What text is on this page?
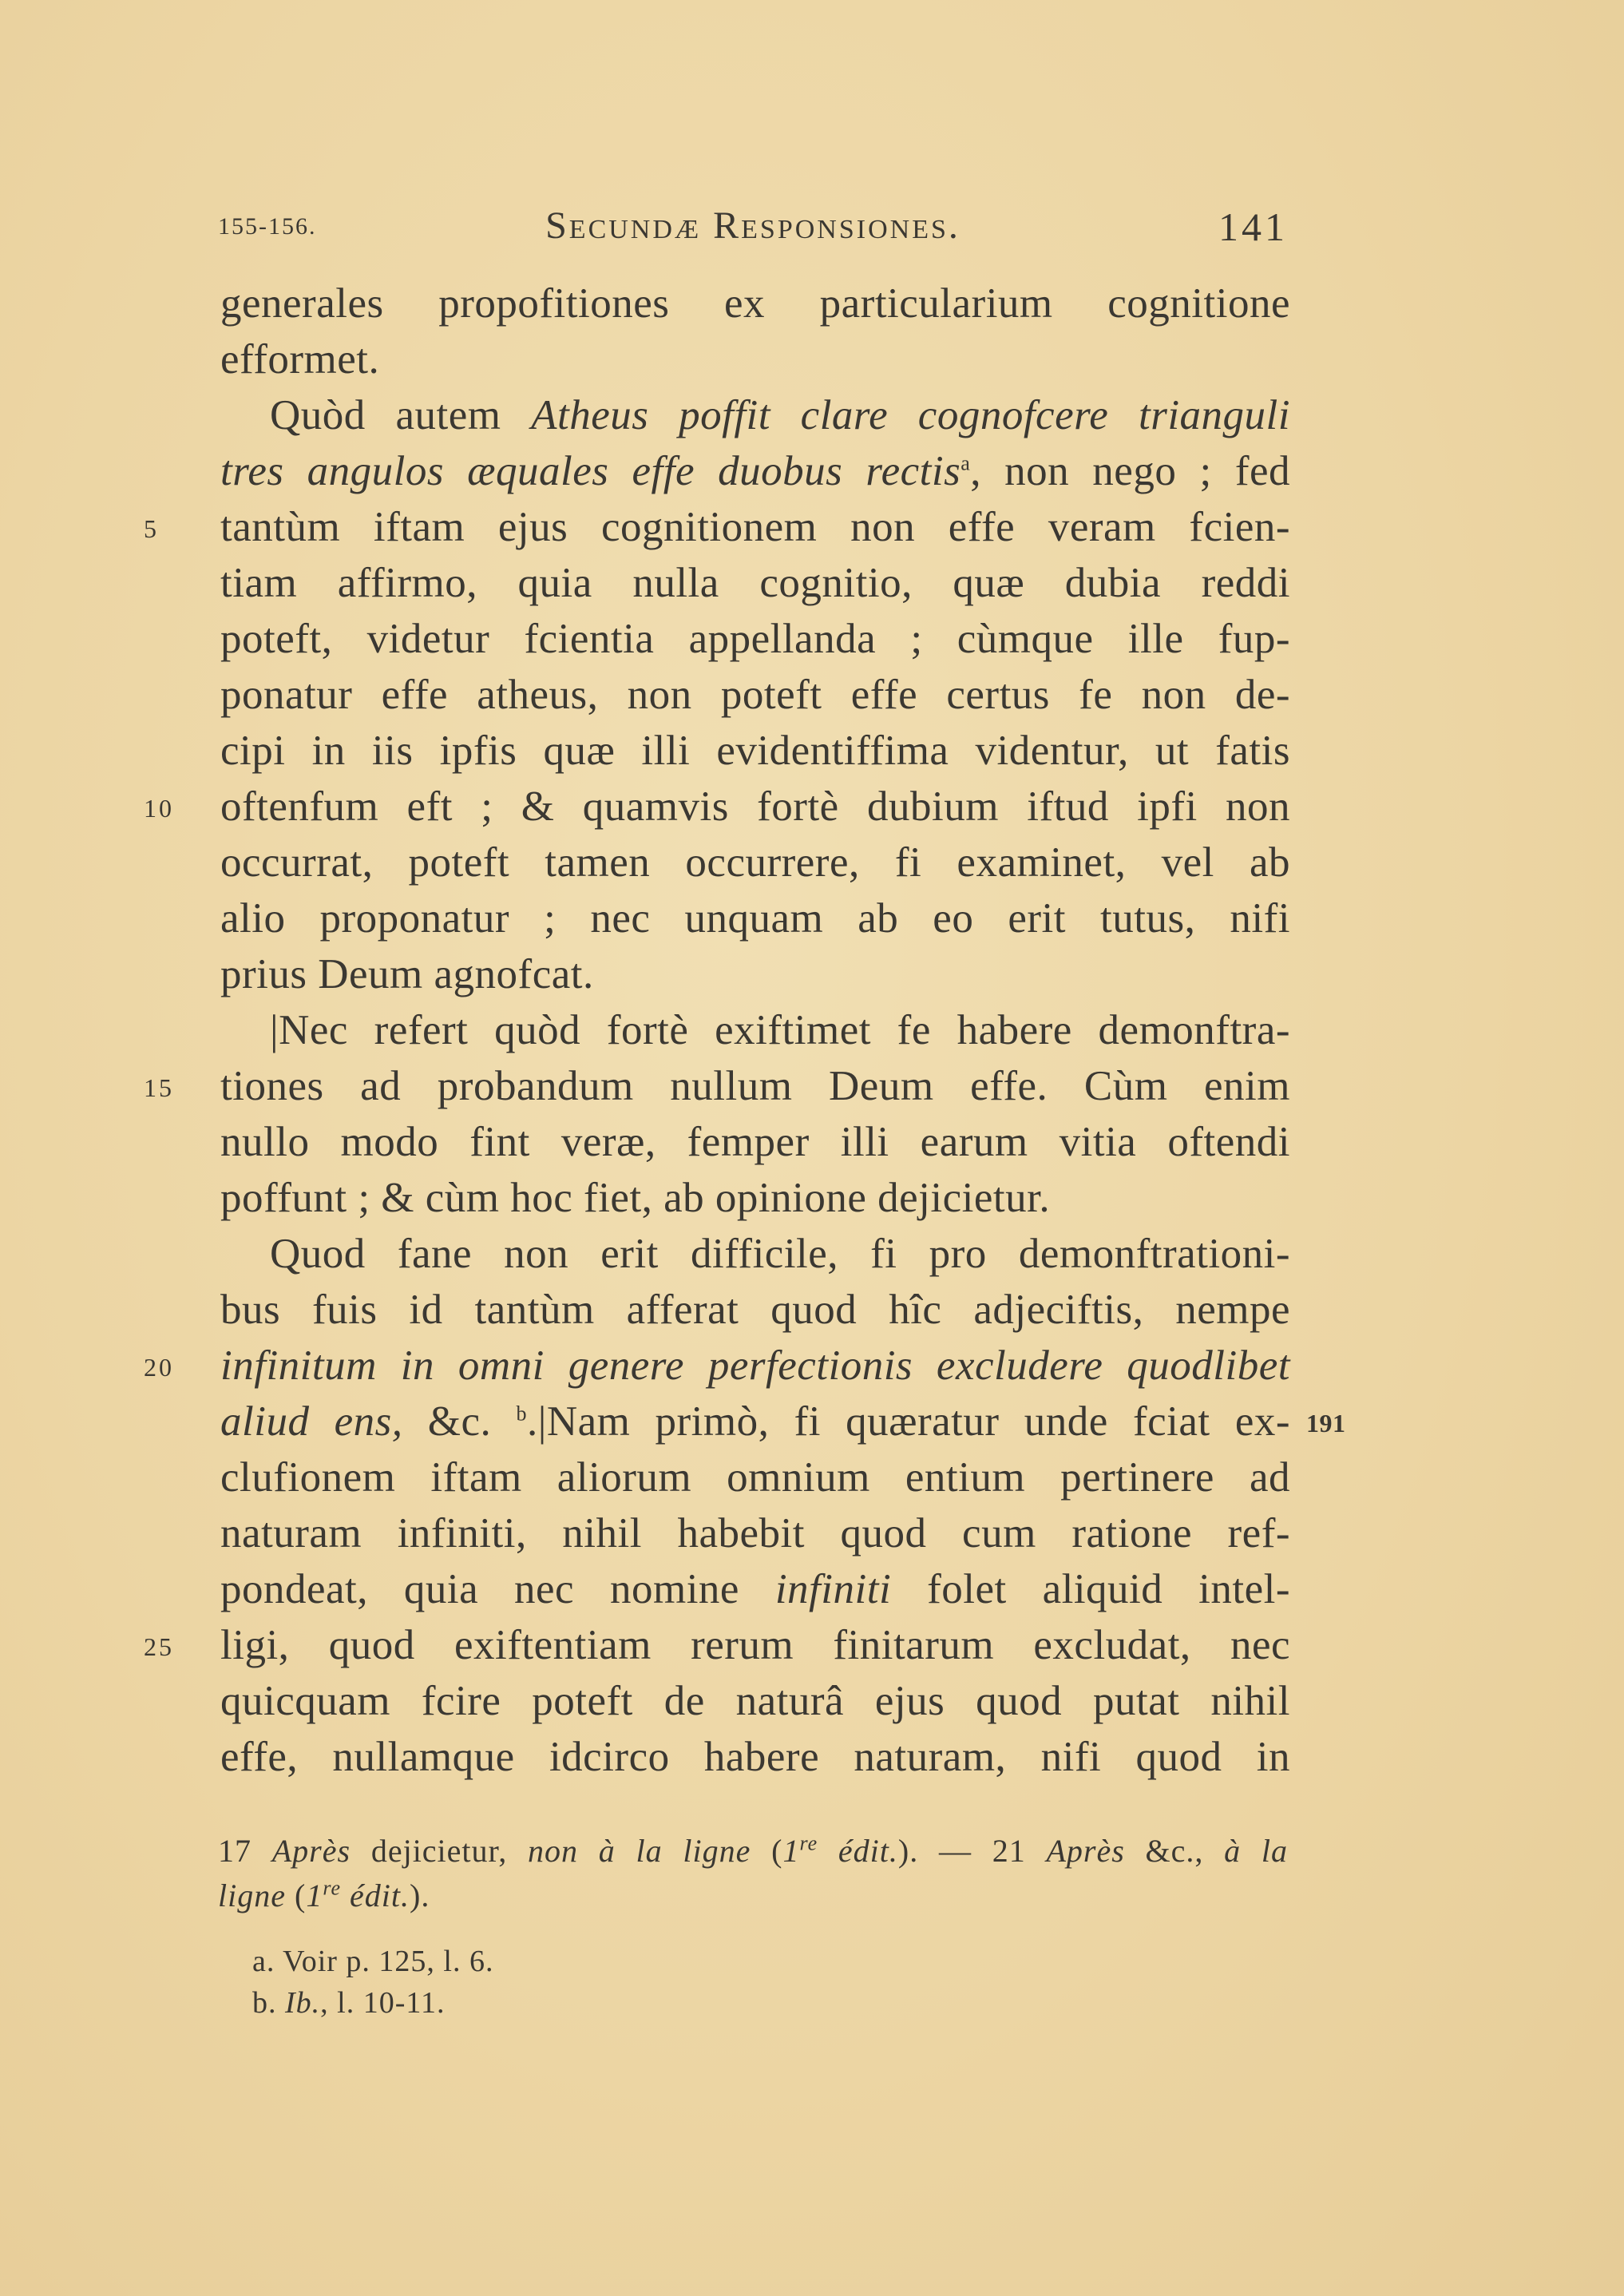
155-156.	Secundæ Responsiones.	141
generales propofitiones ex particularium cognitione
efformet.
Quòd autem Atheus poffit clare cognofcere trianguli
tres angulos æquales effe duobus rectis$^a$, non nego ; fed
5	tantùm iftam ejus cognitionem non effe veram fcien-
tiam affirmo, quia nulla cognitio, quæ dubia reddi
poteft, videtur fcientia appellanda ; cùmque ille fup-
ponatur effe atheus, non poteft effe certus fe non de-
cipi in iis ipfis quæ illi evidentiffima videntur, ut fatis
10	oftenfum eft ; & quamvis fortè dubium iftud ipfi non
occurrat, poteft tamen occurrere, fi examinet, vel ab
alio proponatur ; nec unquam ab eo erit tutus, nifi
prius Deum agnofcat.
|Nec refert quòd fortè exiftimet fe habere demonftra-
15	tiones ad probandum nullum Deum effe. Cùm enim
nullo modo fint veræ, femper illi earum vitia oftendi
poffunt ; & cùm hoc fiet, ab opinione dejicietur.
Quod fane non erit difficile, fi pro demonftrationi-
bus fuis id tantùm afferat quod hîc adjeciftis, nempe
20	infinitum in omni genere perfectionis excludere quodlibet
191
aliud ens, &c. $^b$.|Nam primò, fi quæratur unde fciat ex-
clufionem iftam aliorum omnium entium pertinere ad
naturam infiniti, nihil habebit quod cum ratione ref-
pondeat, quia nec nomine infiniti folet aliquid intel-
25	ligi, quod exiftentiam rerum finitarum excludat, nec
quicquam fcire poteft de naturâ ejus quod putat nihil
effe, nullamque idcirco habere naturam, nifi quod in
17 Après dejicietur, non à la ligne (1re édit.). — 21 Après &c., à la
ligne (1re édit.).
a. Voir p. 125, l. 6.
b. Ib., l. 10-11.
